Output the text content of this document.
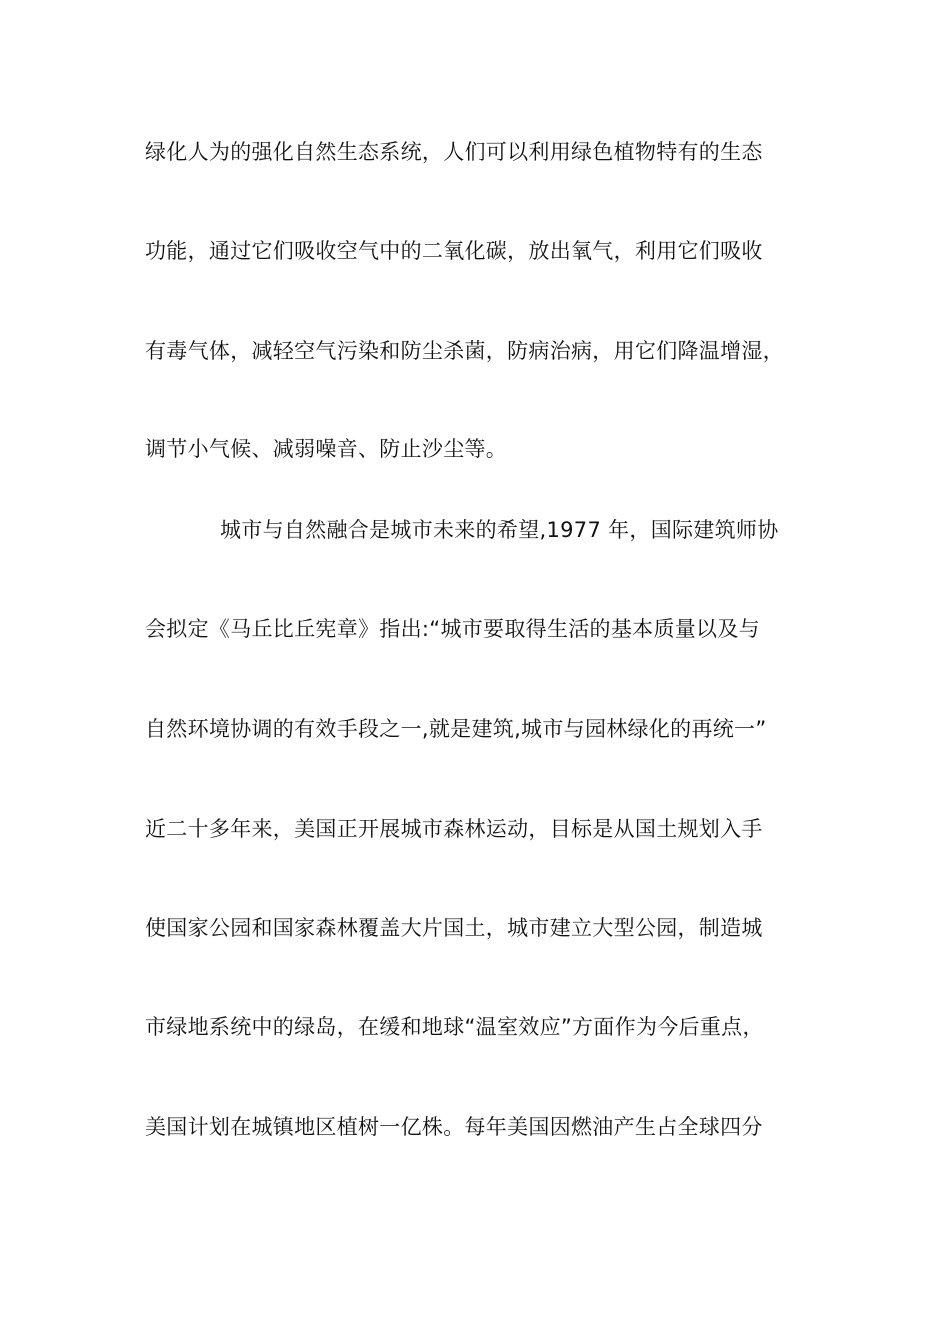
绿化人为的强化自然生态系统，人们可以利用绿色植物特有的生态
功能，通过它们吸收空气中的二氧化碳，放出氧气，利用它们吸收
有毒气体，减轻空气污染和防尘杀菌，防病治病，用它们降温增湿，
调节小气候、减弱噪音、防止沙尘等。
城市与自然融合是城市未来的希望,1977 年，国际建筑师协
会拟定《马丘比丘宪章》指出:“城市要取得生活的基本质量以及与
自然环境协调的有效手段之一,就是建筑,城市与园林绿化的再统一”
近二十多年来，美国正开展城市森林运动，目标是从国土规划入手
使国家公园和国家森林覆盖大片国土，城市建立大型公园，制造城
市绿地系统中的绿岛，在缓和地球“温室效应”方面作为今后重点，
美国计划在城镇地区植树一亿株。每年美国因燃油产生占全球四分
